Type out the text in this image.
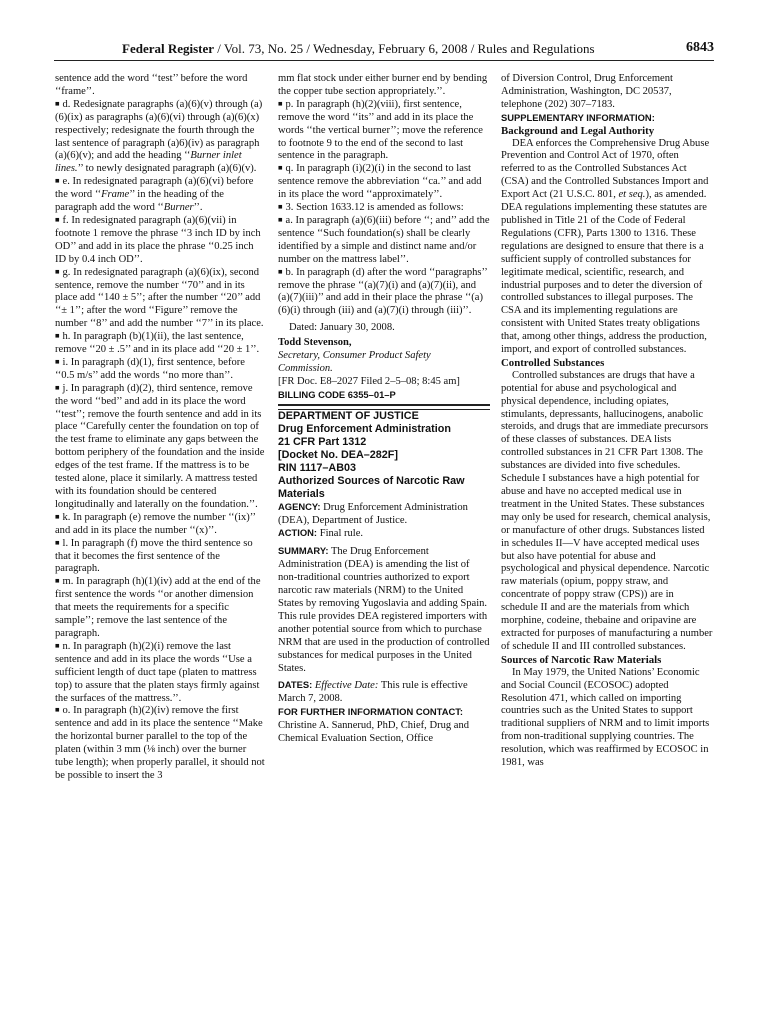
Federal Register / Vol. 73, No. 25 / Wednesday, February 6, 2008 / Rules and Regulations	6843

sentence add the word ‘‘test’’ before the word ‘‘frame’’.

■ d. Redesignate paragraphs (a)(6)(v) through (a)(6)(ix) as paragraphs (a)(6)(vi) through (a)(6)(x) respectively; redesignate the fourth through the last sentence of paragraph (a)6)(iv) as paragraph (a)(6)(v); and add the heading ‘‘Burner inlet lines.’’ to newly designated paragraph (a)(6)(v).

■ e. In redesignated paragraph (a)(6)(vi) before the word ‘‘Frame’’ in the heading of the paragraph add the word ‘‘Burner’’.

■ f. In redesignated paragraph (a)(6)(vii) in footnote 1 remove the phrase ‘‘3 inch ID by inch OD’’ and add in its place the phrase ‘‘0.25 inch ID by 0.4 inch OD’’.

■ g. In redesignated paragraph (a)(6)(ix), second sentence, remove the number ‘‘70’’ and in its place add ‘‘140 ± 5’’; after the number ‘‘20’’ add ‘‘± 1’’; after the word ‘‘Figure’’ remove the number ‘‘8’’ and add the number ‘‘7’’ in its place.

■ h. In paragraph (b)(1)(ii), the last sentence, remove ‘‘20 ± .5’’ and in its place add ‘‘20 ± 1’’.

■ i. In paragraph (d)(1), first sentence, before ‘‘0.5 m/s’’ add the words ‘‘no more than’’.

■ j. In paragraph (d)(2), third sentence, remove the word ‘‘bed’’ and add in its place the word ‘‘test’’; remove the fourth sentence and add in its place ‘‘Carefully center the foundation on top of the test frame to eliminate any gaps between the bottom periphery of the foundation and the inside edges of the test frame. If the mattress is to be tested alone, place it similarly. A mattress tested with its foundation should be centered longitudinally and laterally on the foundation.’’.

■ k. In paragraph (e) remove the number ‘‘(ix)’’ and add in its place the number ‘‘(x)’’.

■ l. In paragraph (f) move the third sentence so that it becomes the first sentence of the paragraph.

■ m. In paragraph (h)(1)(iv) add at the end of the first sentence the words ‘‘or another dimension that meets the requirements for a specific sample’’; remove the last sentence of the paragraph.

■ n. In paragraph (h)(2)(i) remove the last sentence and add in its place the words ‘‘Use a sufficient length of duct tape (platen to mattress top) to assure that the platen stays firmly against the surfaces of the mattress.’’.

■ o. In paragraph (h)(2)(iv) remove the first sentence and add in its place the sentence ‘‘Make the horizontal burner parallel to the top of the platen (within 3 mm (⅛ inch) over the burner tube length); when properly parallel, it should not be possible to insert the 3

mm flat stock under either burner end by bending the copper tube section appropriately.’’.

■ p. In paragraph (h)(2)(viii), first sentence, remove the word ‘‘its’’ and add in its place the words ‘‘the vertical burner’’; move the reference to footnote 9 to the end of the second to last sentence in the paragraph.

■ q. In paragraph (i)(2)(i) in the second to last sentence remove the abbreviation ‘‘ca.’’ and add in its place the word ‘‘approximately’’.

■ 3. Section 1633.12 is amended as follows:

■ a. In paragraph (a)(6)(iii) before ‘‘; and’’ add the sentence ‘‘Such foundation(s) shall be clearly identified by a simple and distinct name and/or number on the mattress label’’.

■ b. In paragraph (d) after the word ‘‘paragraphs’’ remove the phrase ‘‘(a)(7)(i) and (a)(7)(ii), and (a)(7)(iii)’’ and add in their place the phrase ‘‘(a)(6)(i) through (iii) and (a)(7)(i) through (iii)’’.

Dated: January 30, 2008.

Todd Stevenson,

Secretary, Consumer Product Safety
Commission.

[FR Doc. E8–2027 Filed 2–5–08; 8:45 am]

BILLING CODE 6355–01–P

DEPARTMENT OF JUSTICE

Drug Enforcement Administration

21 CFR Part 1312

[Docket No. DEA–282F]

RIN 1117–AB03

Authorized Sources of Narcotic Raw Materials

AGENCY: Drug Enforcement Administration (DEA), Department of Justice.

ACTION: Final rule.

SUMMARY: The Drug Enforcement Administration (DEA) is amending the list of non-traditional countries authorized to export narcotic raw materials (NRM) to the United States by removing Yugoslavia and adding Spain. This rule provides DEA registered importers with another potential source from which to purchase NRM that are used in the production of controlled substances for medical purposes in the United States.

DATES: Effective Date: This rule is effective March 7, 2008.

FOR FURTHER INFORMATION CONTACT:
Christine A. Sannerud, PhD, Chief, Drug and Chemical Evaluation Section, Office

of Diversion Control, Drug Enforcement Administration, Washington, DC 20537, telephone (202) 307–7183.

SUPPLEMENTARY INFORMATION:

Background and Legal Authority

DEA enforces the Comprehensive Drug Abuse Prevention and Control Act of 1970, often referred to as the Controlled Substances Act (CSA) and the Controlled Substances Import and Export Act (21 U.S.C. 801, et seq.), as amended. DEA regulations implementing these statutes are published in Title 21 of the Code of Federal Regulations (CFR), Parts 1300 to 1316. These regulations are designed to ensure that there is a sufficient supply of controlled substances for legitimate medical, scientific, research, and industrial purposes and to deter the diversion of controlled substances to illegal purposes. The CSA and its implementing regulations are consistent with United States treaty obligations that, among other things, address the production, import, and export of controlled substances.

Controlled Substances

Controlled substances are drugs that have a potential for abuse and psychological and physical dependence, including opiates, stimulants, depressants, hallucinogens, anabolic steroids, and drugs that are immediate precursors of these classes of substances. DEA lists controlled substances in 21 CFR Part 1308. The substances are divided into five schedules. Schedule I substances have a high potential for abuse and have no accepted medical use in treatment in the United States. These substances may only be used for research, chemical analysis, or manufacture of other drugs. Substances listed in schedules II—V have accepted medical uses but also have potential for abuse and psychological and physical dependence. Narcotic raw materials (opium, poppy straw, and concentrate of poppy straw (CPS)) are in schedule II and are the materials from which morphine, codeine, thebaine and oripavine are extracted for purposes of manufacturing a number of schedule II and III controlled substances.

Sources of Narcotic Raw Materials

In May 1979, the United Nations’ Economic and Social Council (ECOSOC) adopted Resolution 471, which called on importing countries such as the United States to support traditional suppliers of NRM and to limit imports from non-traditional supplying countries. The resolution, which was reaffirmed by ECOSOC in 1981, was
